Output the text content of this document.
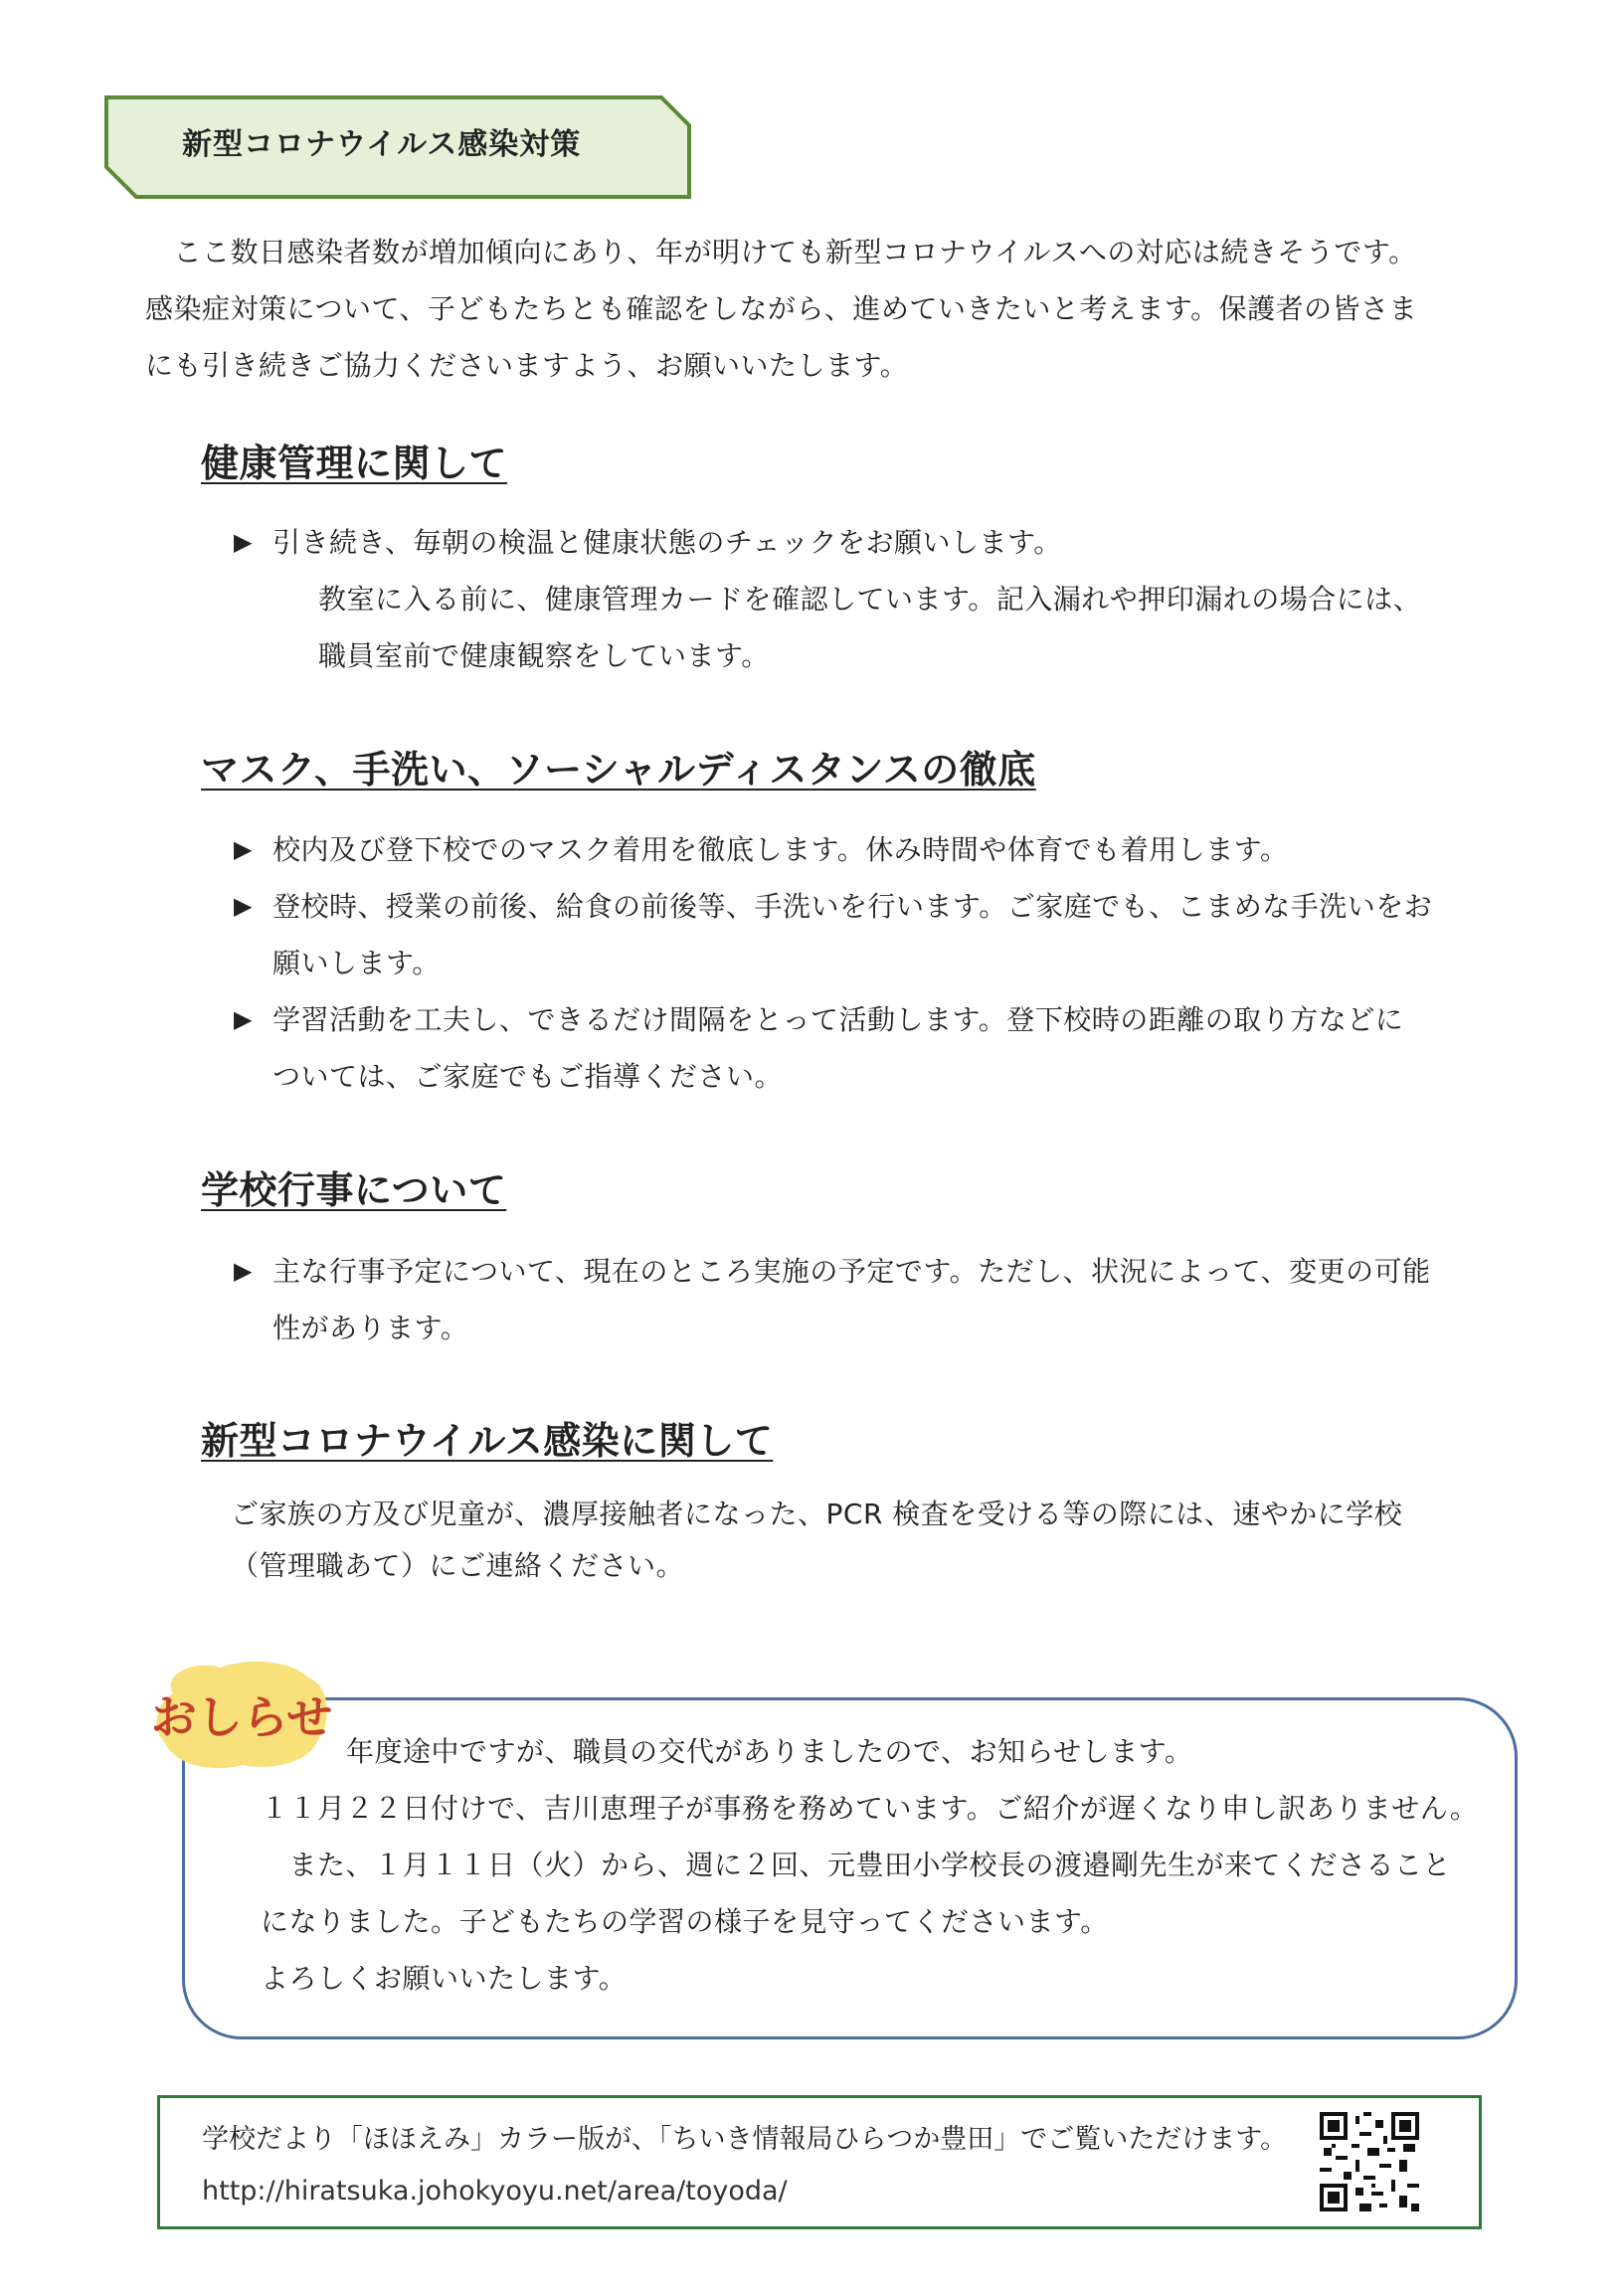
新型コロナウイルス感染対策
　ここ数日感染者数が増加傾向にあり、年が明けても新型コロナウイルスへの対応は続きそうです。
感染症対策について、子どもたちとも確認をしながら、進めていきたいと考えます。保護者の皆さま
にも引き続きご協力くださいますよう、お願いいたします。
健康管理に関して
▶ 引き続き、毎朝の検温と健康状態のチェックをお願いします。
教室に入る前に、健康管理カードを確認しています。記入漏れや押印漏れの場合には、
職員室前で健康観察をしています。
マスク、手洗い、ソーシャルディスタンスの徹底
▶ 校内及び登下校でのマスク着用を徹底します。休み時間や体育でも着用します。
▶ 登校時、授業の前後、給食の前後等、手洗いを行います。ご家庭でも、こまめな手洗いをお
願いします。
▶ 学習活動を工夫し、できるだけ間隔をとって活動します。登下校時の距離の取り方などに
ついては、ご家庭でもご指導ください。
学校行事について
▶ 主な行事予定について、現在のところ実施の予定です。ただし、状況によって、変更の可能
性があります。
新型コロナウイルス感染に関して
ご家族の方及び児童が、濃厚接触者になった、PCR 検査を受ける等の際には、速やかに学校
（管理職あて）にご連絡ください。
おしらせ
年度途中ですが、職員の交代がありましたので、お知らせします。
１１月２２日付けで、吉川恵理子が事務を務めています。ご紹介が遅くなり申し訳ありません。
　また、１月１１日（火）から、週に２回、元豊田小学校長の渡邉剛先生が来てくださること
になりました。子どもたちの学習の様子を見守ってくださいます。
よろしくお願いいたします。
学校だより「ほほえみ」カラー版が、「ちいき情報局ひらつか豊田」でご覧いただけます。
http://hiratsuka.johokyoyu.net/area/toyoda/
